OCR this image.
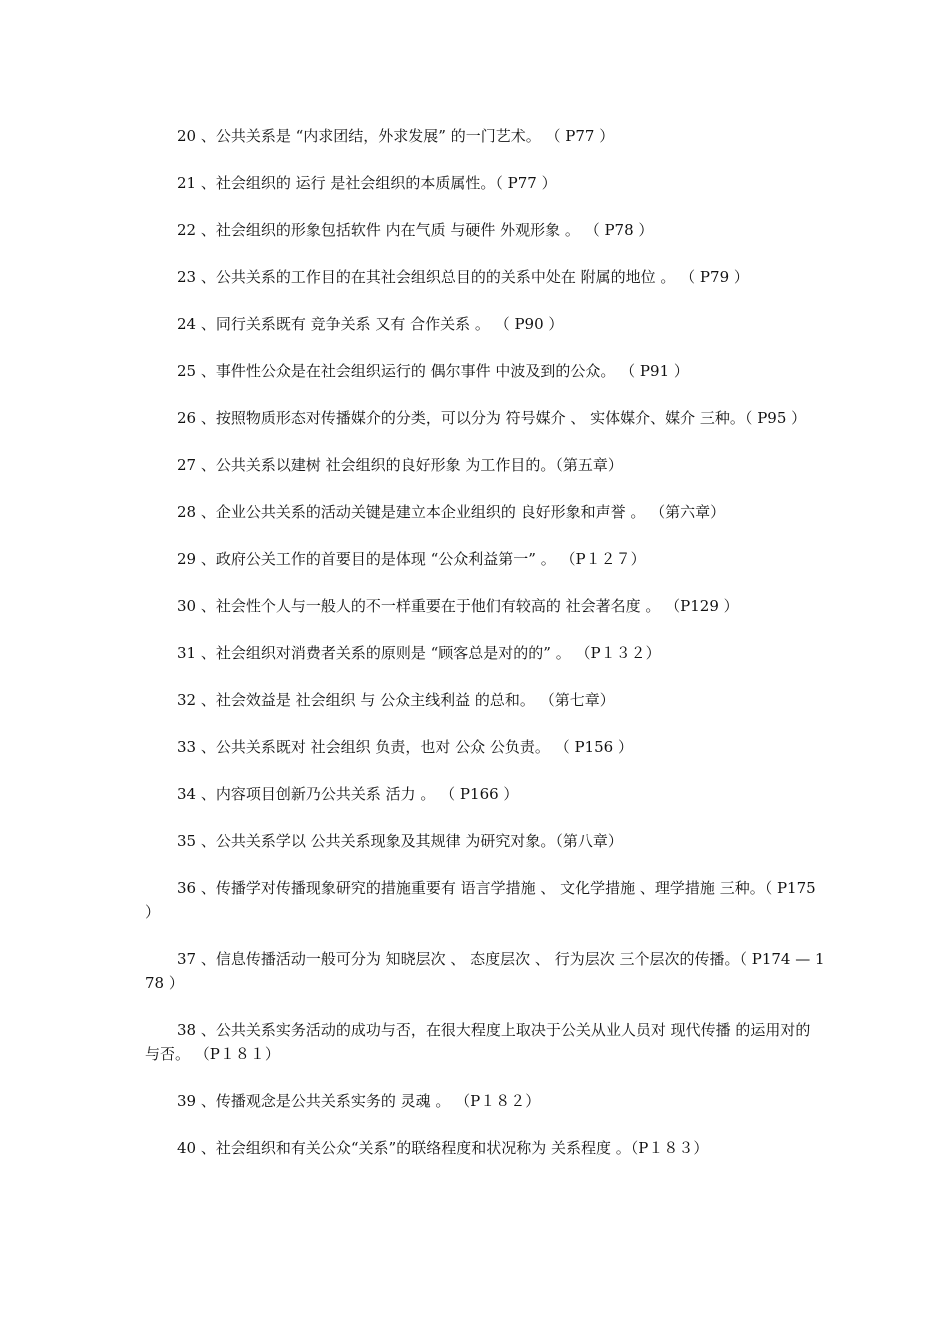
20 、公共关系是 “内求团结，外求发展” 的一门艺术。 （ P77 ）

21 、社会组织的 运行 是社会组织的本质属性。（ P77 ）

22 、社会组织的形象包括软件 内在气质 与硬件 外观形象 。 （ P78 ）

23 、公共关系的工作目的在其社会组织总目的的关系中处在 附属的地位 。 （ P79 ）

24 、同行关系既有 竞争关系 又有 合作关系 。 （ P90 ）

25 、事件性公众是在社会组织运行的 偶尔事件 中波及到的公众。 （ P91 ）

26 、按照物质形态对传播媒介的分类，可以分为 符号媒介 、 实体媒介、媒介 三种。（ P95 ）

27 、公共关系以建树 社会组织的良好形象 为工作目的。（第五章）

28 、企业公共关系的活动关键是建立本企业组织的 良好形象和声誉 。 （第六章）

29 、政府公关工作的首要目的是体现 “公众利益第一” 。 （P１２７）

30 、社会性个人与一般人的不一样重要在于他们有较高的 社会著名度 。 （P129 ）

31 、社会组织对消费者关系的原则是 “顾客总是对的的” 。 （P１３２）

32 、社会效益是 社会组织 与 公众主线利益 的总和。 （第七章）

33 、公共关系既对 社会组织 负责，也对 公众 公负责。 （ P156 ）

34 、内容项目创新乃公共关系 活力 。 （ P166 ）

35 、公共关系学以 公共关系现象及其规律 为研究对象。（第八章）

36 、传播学对传播现象研究的措施重要有 语言学措施 、 文化学措施 、理学措施 三种。（ P175 ）

37 、信息传播活动一般可分为 知晓层次 、 态度层次 、 行为层次 三个层次的传播。（ P174 — 178 ）

38 、公共关系实务活动的成功与否，在很大程度上取决于公关从业人员对 现代传播 的运用对的与否。 （P１８１）

39 、传播观念是公共关系实务的 灵魂 。 （P１８２）

40 、社会组织和有关公众“关系”的联络程度和状况称为 关系程度 。（P１８３）
